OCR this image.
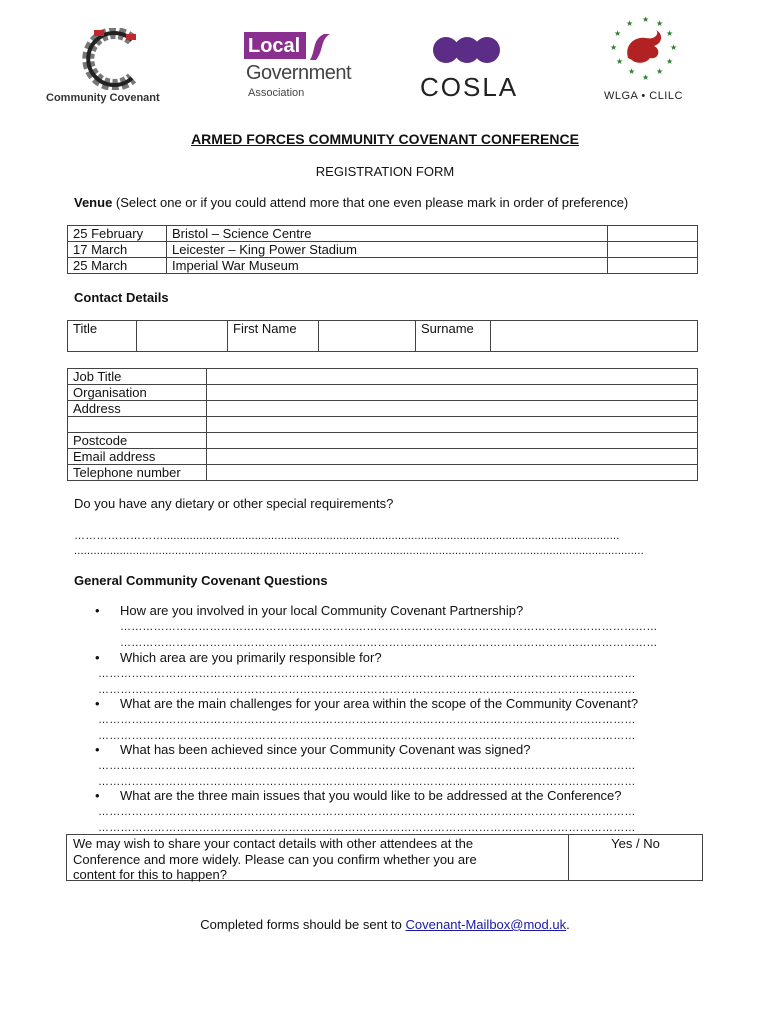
Community Covenant
Local
Government
Association	COSLA
★ ★
★
★
★
★
★
★
★
★
★
★
WLGA • CLILC
ARMED FORCES COMMUNITY COVENANT CONFERENCE
REGISTRATION FORM
Venue (Select one or if you could attend more that one even please mark in order of preference)
25 February	Bristol – Science Centre	
17 March	Leicester – King Power Stadium	
25 March	Imperial War Museum	
Contact Details
Title		First Name		Surname	
Job Title	
Organisation	
Address	

Postcode	
Email address	
Telephone number	
Do you have any dietary or other special requirements?
……………………............................................................................................................................................
...............................................................................................................................................................................
General Community Covenant Questions
• How are you involved in your local Community Covenant Partnership?
………………………………………………………………………………………………………………………………
………………………………………………………………………………………………………………………………
• Which area are you primarily responsible for?
………………………………………………………………………………………………………………………………
………………………………………………………………………………………………………………………………
• What are the main challenges for your area within the scope of the Community Covenant?
………………………………………………………………………………………………………………………………
………………………………………………………………………………………………………………………………
• What has been achieved since your Community Covenant was signed?
………………………………………………………………………………………………………………………………
………………………………………………………………………………………………………………………………
• What are the three main issues that you would like to be addressed at the Conference?
………………………………………………………………………………………………………………………………
………………………………………………………………………………………………………………………………
We may wish to share your contact details with other attendees at the
Conference and more widely. Please can you confirm whether you are
content for this to happen?
Yes / No
Completed forms should be sent to Covenant-Mailbox@mod.uk.
